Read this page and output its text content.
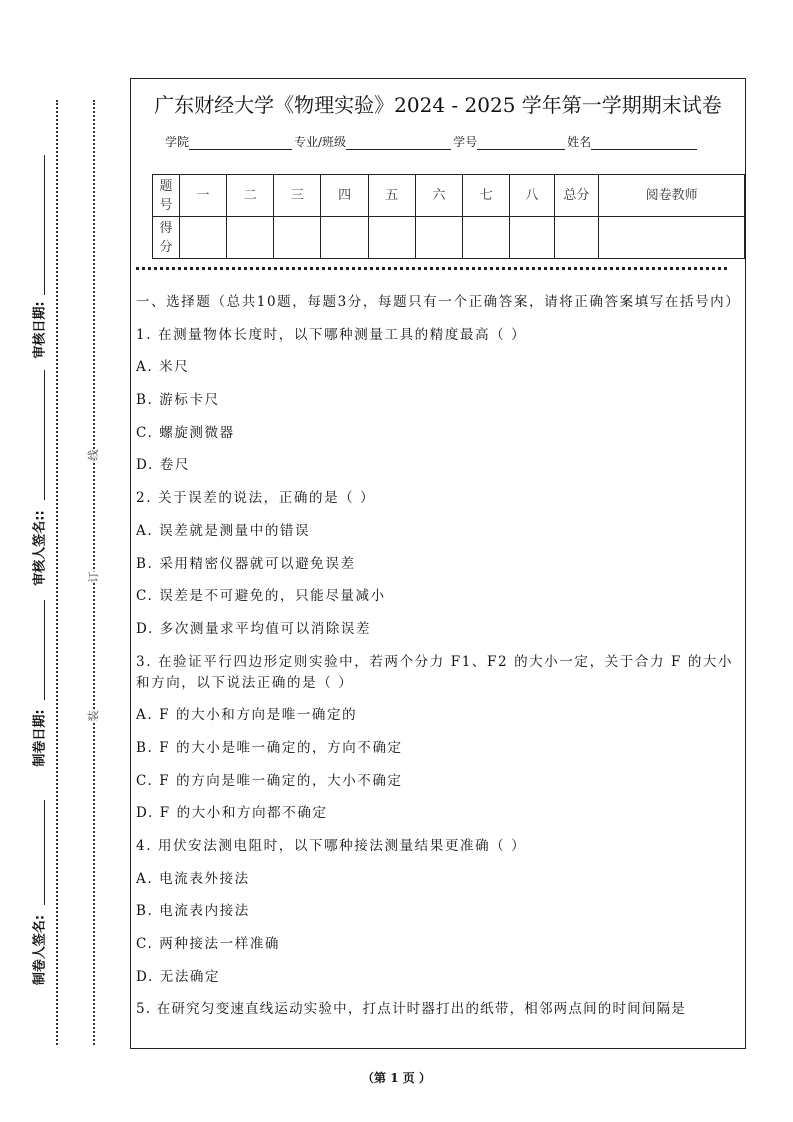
审核日期:
审核人签名::
制卷日期:
制卷人签名:
线
订
装
广东财经大学《物理实验》2024 - 2025 学年第一学期期末试卷
学院	专业/班级	学号	姓名
题号	一	二	三	四	五	六	七	八	总分	阅卷教师
得分										

一、选择题（总共10题，每题3分，每题只有一个正确答案，请将正确答案填写在括号内）

1. 在测量物体长度时，以下哪种测量工具的精度最高（ ）

A. 米尺

B. 游标卡尺

C. 螺旋测微器

D. 卷尺

2. 关于误差的说法，正确的是（ ）

A. 误差就是测量中的错误

B. 采用精密仪器就可以避免误差

C. 误差是不可避免的，只能尽量减小

D. 多次测量求平均值可以消除误差

3. 在验证平行四边形定则实验中，若两个分力 F1、F2 的大小一定，关于合力 F 的大小和方向，以下说法正确的是（ ）

A. F 的大小和方向是唯一确定的

B. F 的大小是唯一确定的，方向不确定

C. F 的方向是唯一确定的，大小不确定

D. F 的大小和方向都不确定

4. 用伏安法测电阻时，以下哪种接法测量结果更准确（ ）

A. 电流表外接法

B. 电流表内接法

C. 两种接法一样准确

D. 无法确定

5. 在研究匀变速直线运动实验中，打点计时器打出的纸带，相邻两点间的时间间隔是

（第 1 页 ）
